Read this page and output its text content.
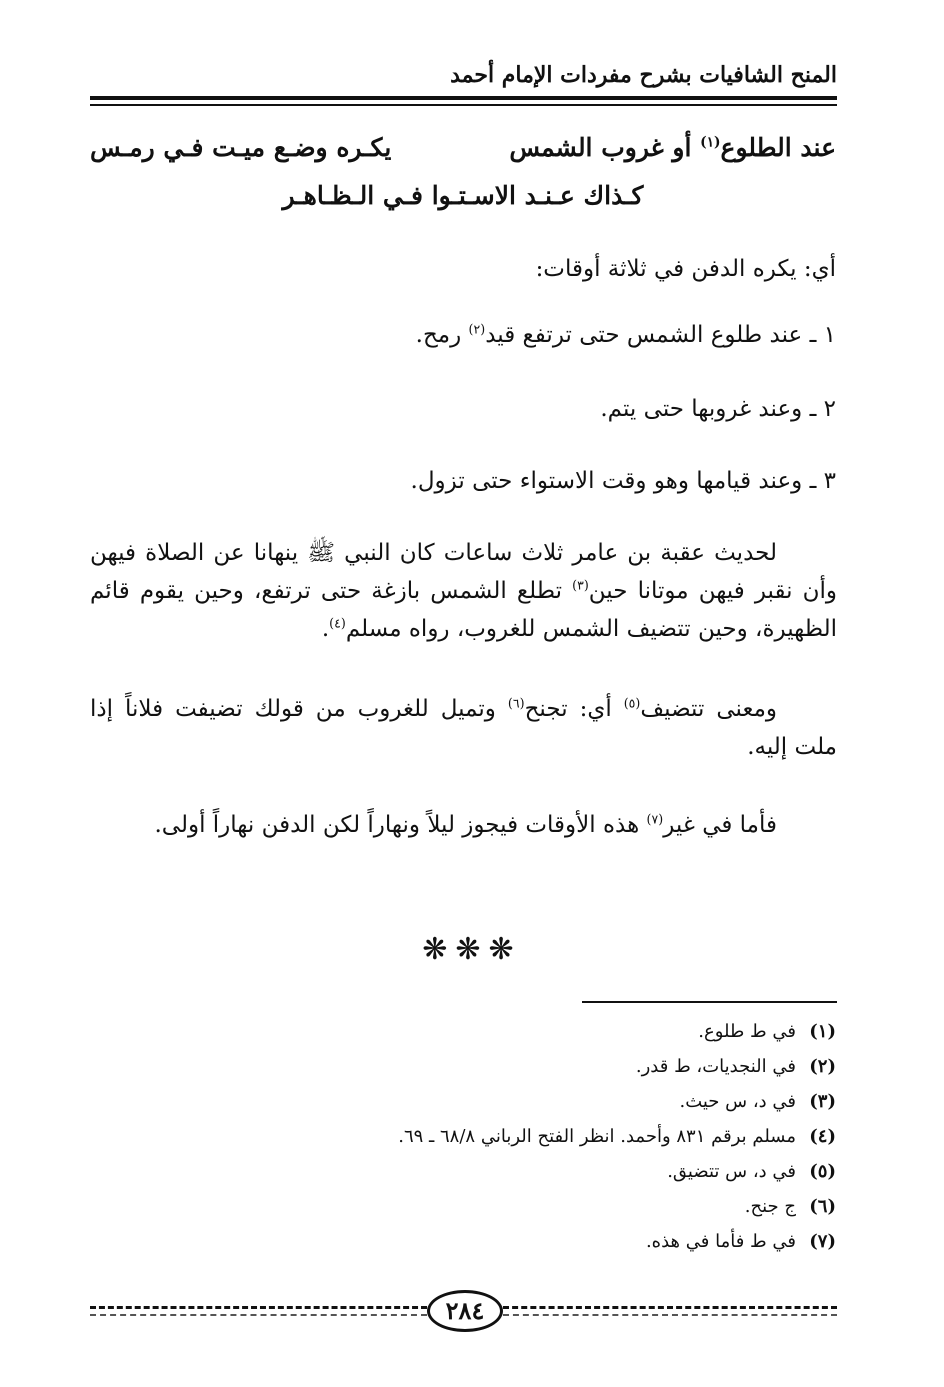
المنح الشافيات بشرح مفردات الإمام أحمد
عند الطلوع$^{(١)}$ أو غروب الشمس
يكـره وضـع ميـت فـي رمـس
كـذاك عـنـد الاسـتـوا فـي الـظـاهـر
أي: يكره الدفن في ثلاثة أوقات:
١ ـ عند طلوع الشمس حتى ترتفع قيد$^{(٢)}$ رمح.
٢ ـ وعند غروبها حتى يتم.
٣ ـ وعند قيامها وهو وقت الاستواء حتى تزول.
لحديث عقبة بن عامر ثلاث ساعات كان النبي ﷺ ينهانا عن الصلاة فيهن وأن نقبر فيهن موتانا حين$^{(٣)}$ تطلع الشمس بازغة حتى ترتفع، وحين يقوم قائم الظهيرة، وحين تتضيف الشمس للغروب، رواه مسلم$^{(٤)}$.
ومعنى تتضيف$^{(٥)}$ أي: تجنح$^{(٦)}$ وتميل للغروب من قولك تضيفت فلاناً إذا ملت إليه.
فأما في غير$^{(٧)}$ هذه الأوقات فيجوز ليلاً ونهاراً لكن الدفن نهاراً أولى.
❋❋❋
(١)في ط طلوع.
(٢)في النجديات، ط قدر.
(٣)في د، س حيث.
(٤)مسلم برقم ٨٣١ وأحمد. انظر الفتح الرباني ٦٨/٨ ـ ٦٩.
(٥)في د، س تتضيق.
(٦)ج جنح.
(٧)في ط فأما في هذه.
٢٨٤
